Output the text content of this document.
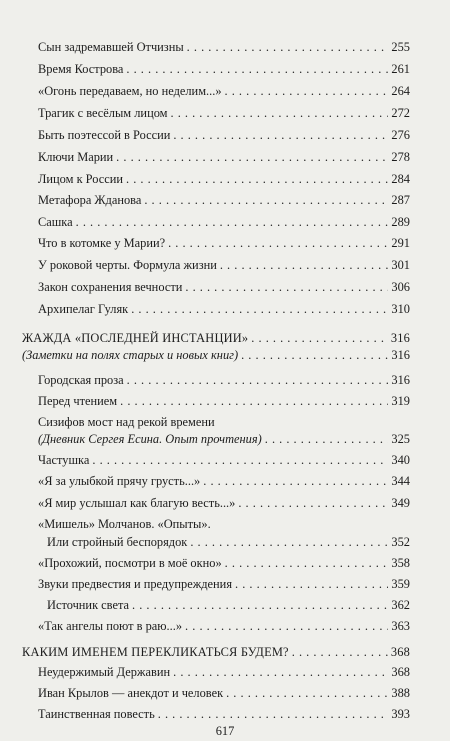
Сын задремавшей Отчизны . . .	255
Время Кострова . . .	261
«Огонь передаваем, но неделим...» . . .	264
Трагик с весёлым лицом . . .	272
Быть поэтессой в России . . .	276
Ключи Марии . . .	278
Лицом к России . . .	284
Метафора Жданова . . .	287
Сашка . . .	289
Что в котомке у Марии? . . .	291
У роковой черты. Формула жизни . . .	301
Закон сохранения вечности . . .	306
Архипелаг Гуляк . . .	310
ЖАЖДА «ПОСЛЕДНЕЙ ИНСТАНЦИИ» . . .	316
(Заметки на полях старых и новых книг) . . .	316
Городская проза . . .	316
Перед чтением . . .	319
Сизифов мост над рекой времени
(Дневник Сергея Есина. Опыт прочтения) . . .	325
Частушка . . .	340
«Я за улыбкой прячу грусть...» . . .	344
«Я мир услышал как благую весть...» . . .	349
«Мишель» Молчанов. «Опыты».
Или стройный беспорядок . . .	352
«Прохожий, посмотри в моё окно» . . .	358
Звуки предвестия и предупреждения . . .	359
Источник света . . .	362
«Так ангелы поют в раю...» . . .	363
КАКИМ ИМЕНЕМ ПЕРЕКЛИКАТЬСЯ БУДЕМ? . . .	368
Неудержимый Державин . . .	368
Иван Крылов — анекдот и человек . . .	388
Таинственная повесть . . .	393
617
